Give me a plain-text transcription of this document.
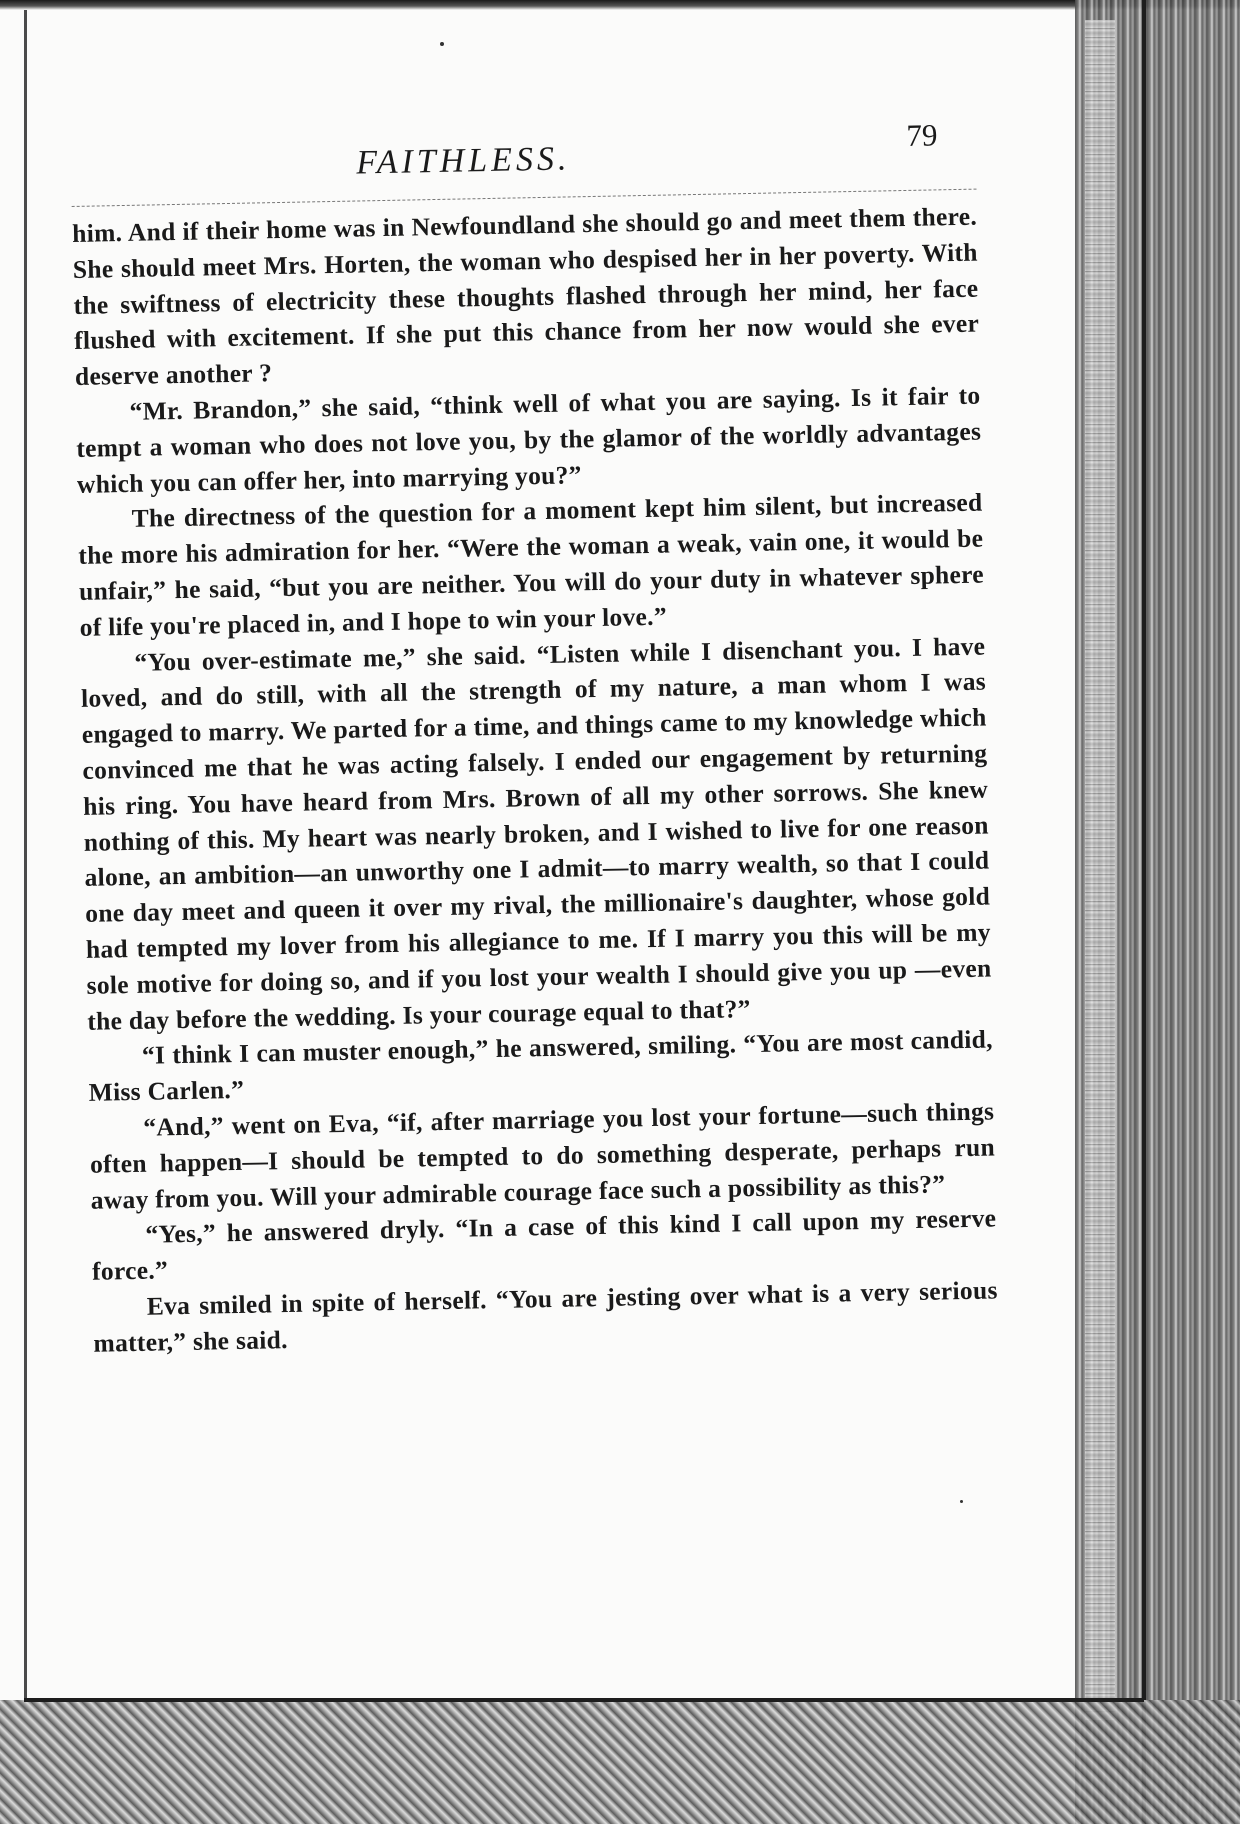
FAITHLESS.
79

him. And if their home was in Newfoundland she should go and meet them there. She should meet Mrs. Horten, the woman who despised her in her poverty. With the swiftness of electricity these thoughts flashed through her mind, her face flushed with excitement. If she put this chance from her now would she ever deserve another ?

“Mr. Brandon,” she said, “think well of what you are saying. Is it fair to tempt a woman who does not love you, by the glamor of the worldly advantages which you can offer her, into marrying you?”

The directness of the question for a moment kept him silent, but increased the more his admiration for her. “Were the woman a weak, vain one, it would be unfair,” he said, “but you are neither. You will do your duty in whatever sphere of life you're placed in, and I hope to win your love.”

“You over-estimate me,” she said. “Listen while I disenchant you. I have loved, and do still, with all the strength of my nature, a man whom I was engaged to marry. We parted for a time, and things came to my knowledge which convinced me that he was acting falsely. I ended our engagement by returning his ring. You have heard from Mrs. Brown of all my other sorrows. She knew nothing of this. My heart was nearly broken, and I wished to live for one reason alone, an ambition—an unworthy one I admit—to marry wealth, so that I could one day meet and queen it over my rival, the millionaire's daughter, whose gold had tempted my lover from his allegiance to me. If I marry you this will be my sole motive for doing so, and if you lost your wealth I should give you up —even the day before the wedding. Is your courage equal to that?”

“I think I can muster enough,” he answered, smiling. “You are most candid, Miss Carlen.”

“And,” went on Eva, “if, after marriage you lost your fortune—such things often happen—I should be tempted to do something desperate, perhaps run away from you. Will your admirable courage face such a possibility as this?”

“Yes,” he answered dryly. “In a case of this kind I call upon my reserve force.”

Eva smiled in spite of herself. “You are jesting over what is a very serious matter,” she said.
